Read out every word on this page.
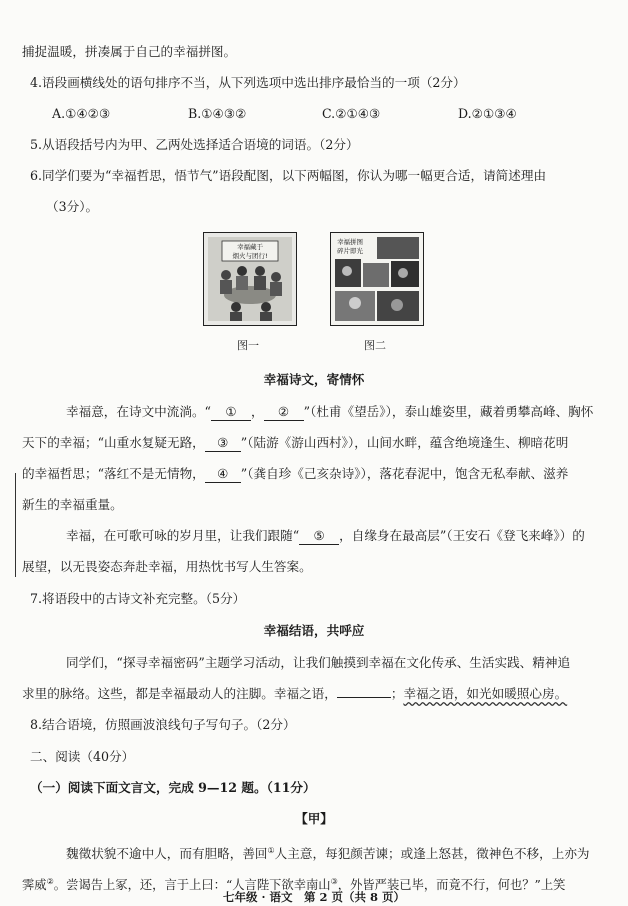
捕捉温暖，拼凑属于自己的幸福拼图。
4.语段画横线处的语句排序不当，从下列选项中选出排序最恰当的一项（2分）
A.①④②③	B.①④③②	C.②①④③	D.②①③④
5.从语段括号内为甲、乙两处选择适合语境的词语。（2分）
6.同学们要为“幸福哲思，悟节气”语段配图，以下两幅图，你认为哪一幅更合适，请简述理由
（3分）。
幸福藏于
烟火与团行!
图一
幸福拼图
碎片即光
图二
幸福诗文，寄情怀
幸福意，在诗文中流淌。“ ① ， ② ”（杜甫《望岳》），泰山雄姿里，藏着勇攀高峰、胸怀
天下的幸福；“山重水复疑无路， ③ ”（陆游《游山西村》），山间水畔，蕴含绝境逢生、柳暗花明
的幸福哲思；“落红不是无情物， ④ ”（龚自珍《己亥杂诗》），落花春泥中，饱含无私奉献、滋养
新生的幸福重量。
幸福，在可歌可咏的岁月里，让我们跟随“ ⑤ ，自缘身在最高层”（王安石《登飞来峰》）的
展望，以无畏姿态奔赴幸福，用热忱书写人生答案。
7.将语段中的古诗文补充完整。（5分）
幸福结语，共呼应
同学们，“探寻幸福密码”主题学习活动，让我们触摸到幸福在文化传承、生活实践、精神追
求里的脉络。这些，都是幸福最动人的注脚。幸福之语，	；幸福之语，如光如暖照心房。
8.结合语境，仿照画波浪线句子写句子。（2分）
二、阅读（40分）
（一）阅读下面文言文，完成 9—12 题。（11分）
【甲】
魏徵状貌不逾中人，而有胆略，善回①人主意，每犯颜苦谏；或逢上怒甚，徵神色不移，上亦为
霁威②。尝谒告上冢，还，言于上曰：“人言陛下欲幸南山③，外皆严装已毕，而竟不行，何也？”上笑
七年级 · 语文　第 2 页（共 8 页）
